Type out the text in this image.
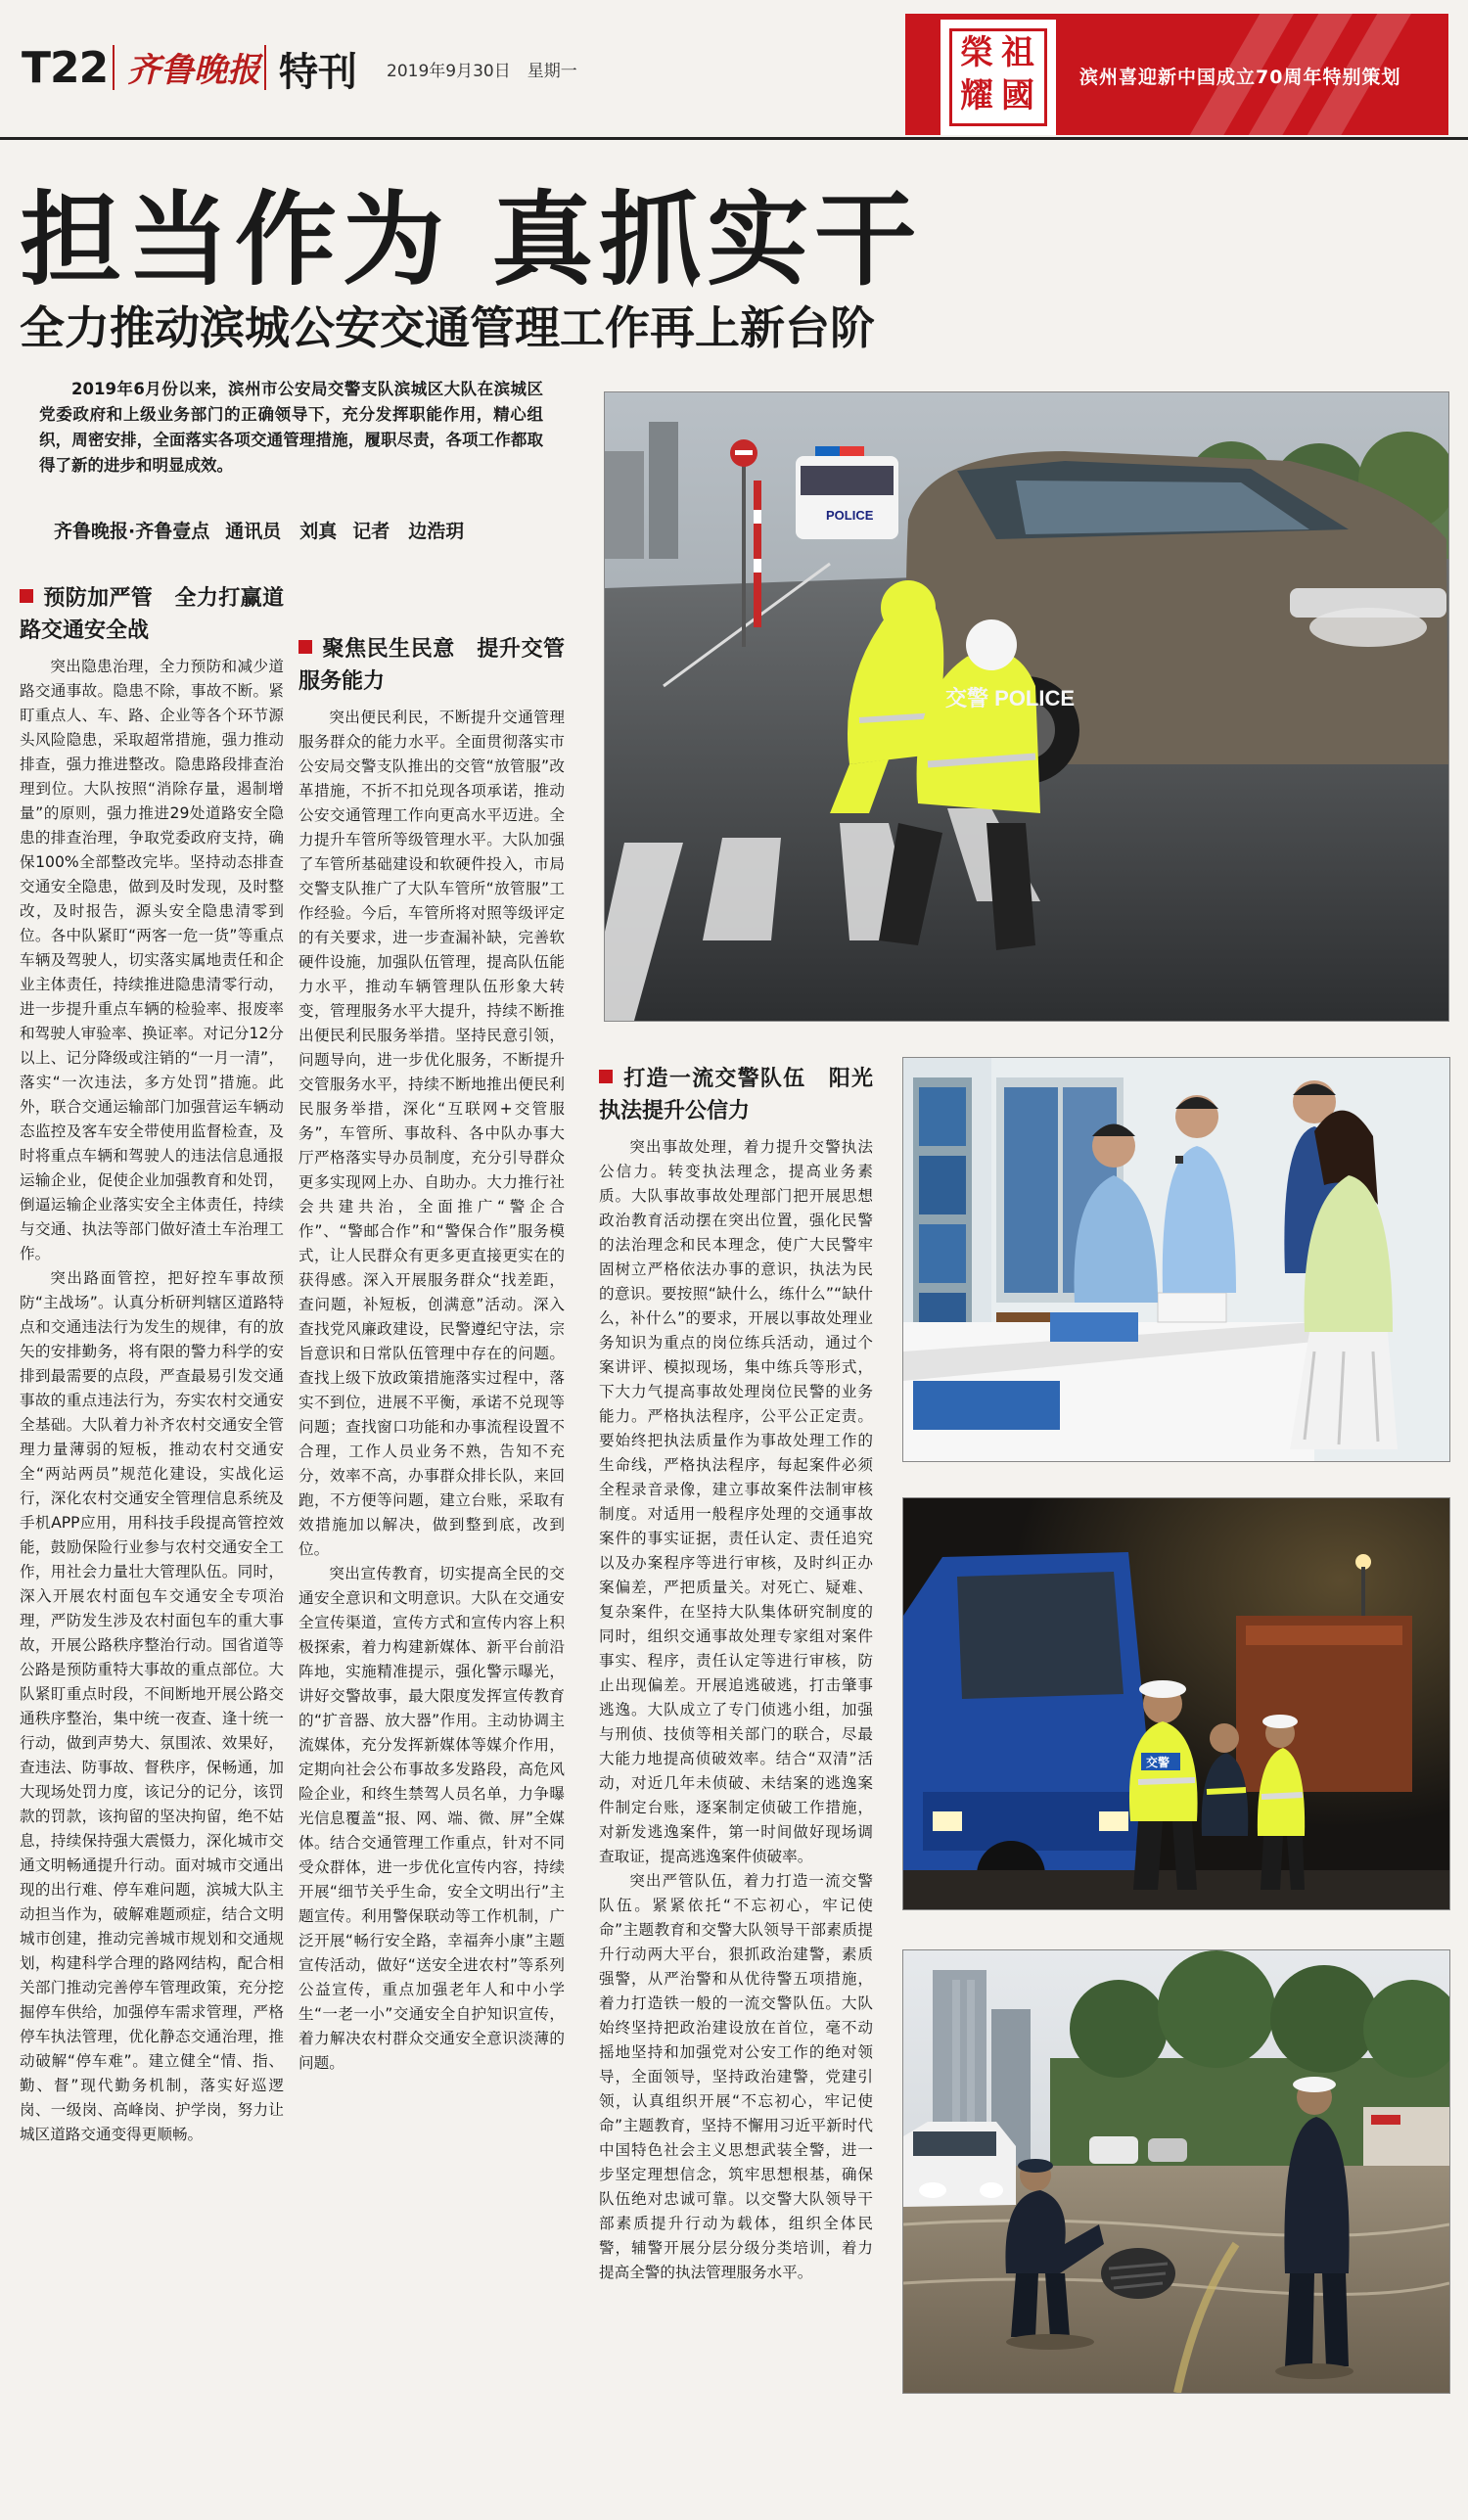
T22 齐鲁晚报 特刊 2019年9月30日　星期一	祖
國
榮
耀	滨州喜迎新中国成立70周年特别策划
担当作为 真抓实干
全力推动滨城公安交通管理工作再上新台阶
2019年6月份以来，滨州市公安局交警支队滨城区大队在滨城区党委政府和上级业务部门的正确领导下，充分发挥职能作用，精心组织，周密安排，全面落实各项交通管理措施，履职尽责，各项工作都取得了新的进步和明显成效。
齐鲁晚报·齐鲁壹点 通讯员　刘真 记者　边浩玥
预防加严管　全力打赢道路交通安全战

突出隐患治理，全力预防和减少道路交通事故。隐患不除，事故不断。紧盯重点人、车、路、企业等各个环节源头风险隐患，采取超常措施，强力推动排查，强力推进整改。隐患路段排查治理到位。大队按照“消除存量，遏制增量”的原则，强力推进29处道路安全隐患的排查治理，争取党委政府支持，确保100%全部整改完毕。坚持动态排查交通安全隐患，做到及时发现，及时整改，及时报告，源头安全隐患清零到位。各中队紧盯“两客一危一货”等重点车辆及驾驶人，切实落实属地责任和企业主体责任，持续推进隐患清零行动，进一步提升重点车辆的检验率、报废率和驾驶人审验率、换证率。对记分12分以上、记分降级或注销的“一月一清”，落实“一次违法，多方处罚”措施。此外，联合交通运输部门加强营运车辆动态监控及客车安全带使用监督检查，及时将重点车辆和驾驶人的违法信息通报运输企业，促使企业加强教育和处罚，倒逼运输企业落实安全主体责任，持续与交通、执法等部门做好渣土车治理工作。

突出路面管控，把好控车事故预防“主战场”。认真分析研判辖区道路特点和交通违法行为发生的规律，有的放矢的安排勤务，将有限的警力科学的安排到最需要的点段，严查最易引发交通事故的重点违法行为，夯实农村交通安全基础。大队着力补齐农村交通安全管理力量薄弱的短板，推动农村交通安全“两站两员”规范化建设，实战化运行，深化农村交通安全管理信息系统及手机APP应用，用科技手段提高管控效能，鼓励保险行业参与农村交通安全工作，用社会力量壮大管理队伍。同时，深入开展农村面包车交通安全专项治理，严防发生涉及农村面包车的重大事故，开展公路秩序整治行动。国省道等公路是预防重特大事故的重点部位。大队紧盯重点时段，不间断地开展公路交通秩序整治，集中统一夜查、逢十统一行动，做到声势大、氛围浓、效果好，查违法、防事故、督秩序，保畅通，加大现场处罚力度，该记分的记分，该罚款的罚款，该拘留的坚决拘留，绝不姑息，持续保持强大震慑力，深化城市交通文明畅通提升行动。面对城市交通出现的出行难、停车难问题，滨城大队主动担当作为，破解难题顽症，结合文明城市创建，推动完善城市规划和交通规划，构建科学合理的路网结构，配合相关部门推动完善停车管理政策，充分挖掘停车供给，加强停车需求管理，严格停车执法管理，优化静态交通治理，推动破解“停车难”。建立健全“情、指、勤、督”现代勤务机制，落实好巡逻岗、一级岗、高峰岗、护学岗，努力让城区道路交通变得更顺畅。

聚焦民生民意　提升交管服务能力

突出便民利民，不断提升交通管理服务群众的能力水平。全面贯彻落实市公安局交警支队推出的交管“放管服”改革措施，不折不扣兑现各项承诺，推动公安交通管理工作向更高水平迈进。全力提升车管所等级管理水平。大队加强了车管所基础建设和软硬件投入，市局交警支队推广了大队车管所“放管服”工作经验。今后，车管所将对照等级评定的有关要求，进一步查漏补缺，完善软硬件设施，加强队伍管理，提高队伍能力水平，推动车辆管理队伍形象大转变，管理服务水平大提升，持续不断推出便民利民服务举措。坚持民意引领，问题导向，进一步优化服务，不断提升交管服务水平，持续不断地推出便民利民服务举措，深化“互联网+交管服务”，车管所、事故科、各中队办事大厅严格落实导办员制度，充分引导群众更多实现网上办、自助办。大力推行社会共建共治，全面推广“警企合作”、“警邮合作”和“警保合作”服务模式，让人民群众有更多更直接更实在的获得感。深入开展服务群众“找差距，查问题，补短板，创满意”活动。深入查找党风廉政建设，民警遵纪守法，宗旨意识和日常队伍管理中存在的问题。查找上级下放政策措施落实过程中，落实不到位，进展不平衡，承诺不兑现等问题；查找窗口功能和办事流程设置不合理，工作人员业务不熟，告知不充分，效率不高，办事群众排长队，来回跑，不方便等问题，建立台账，采取有效措施加以解决，做到整到底，改到位。

突出宣传教育，切实提高全民的交通安全意识和文明意识。大队在交通安全宣传渠道，宣传方式和宣传内容上积极探索，着力构建新媒体、新平台前沿阵地，实施精准提示，强化警示曝光，讲好交警故事，最大限度发挥宣传教育的“扩音器、放大器”作用。主动协调主流媒体，充分发挥新媒体等媒介作用，定期向社会公布事故多发路段，高危风险企业，和终生禁驾人员名单，力争曝光信息覆盖“报、网、端、微、屏”全媒体。结合交通管理工作重点，针对不同受众群体，进一步优化宣传内容，持续开展“细节关乎生命，安全文明出行”主题宣传。利用警保联动等工作机制，广泛开展“畅行安全路，幸福奔小康”主题宣传活动，做好“送安全进农村”等系列公益宣传，重点加强老年人和中小学生“一老一小”交通安全自护知识宣传，着力解决农村群众交通安全意识淡薄的问题。

打造一流交警队伍　阳光执法提升公信力

突出事故处理，着力提升交警执法公信力。转变执法理念，提高业务素质。大队事故事故处理部门把开展思想政治教育活动摆在突出位置，强化民警的法治理念和民本理念，使广大民警牢固树立严格依法办事的意识，执法为民的意识。要按照“缺什么，练什么”“缺什么，补什么”的要求，开展以事故处理业务知识为重点的岗位练兵活动，通过个案讲评、模拟现场，集中练兵等形式，下大力气提高事故处理岗位民警的业务能力。严格执法程序，公平公正定责。要始终把执法质量作为事故处理工作的生命线，严格执法程序，每起案件必须全程录音录像，建立事故案件法制审核制度。对适用一般程序处理的交通事故案件的事实证据，责任认定、责任追究以及办案程序等进行审核，及时纠正办案偏差，严把质量关。对死亡、疑难、复杂案件，在坚持大队集体研究制度的同时，组织交通事故处理专家组对案件事实、程序，责任认定等进行审核，防止出现偏差。开展追逃破逃，打击肇事逃逸。大队成立了专门侦逃小组，加强与刑侦、技侦等相关部门的联合，尽最大能力地提高侦破效率。结合“双清”活动，对近几年未侦破、未结案的逃逸案件制定台账，逐案制定侦破工作措施，对新发逃逸案件，第一时间做好现场调查取证，提高逃逸案件侦破率。

突出严管队伍，着力打造一流交警队伍。紧紧依托“不忘初心，牢记使命”主题教育和交警大队领导干部素质提升行动两大平台，狠抓政治建警，素质强警，从严治警和从优待警五项措施，着力打造铁一般的一流交警队伍。大队始终坚持把政治建设放在首位，毫不动摇地坚持和加强党对公安工作的绝对领导，全面领导，坚持政治建警，党建引领，认真组织开展“不忘初心，牢记使命”主题教育，坚持不懈用习近平新时代中国特色社会主义思想武装全警，进一步坚定理想信念，筑牢思想根基，确保队伍绝对忠诚可靠。以交警大队领导干部素质提升行动为载体，组织全体民警，辅警开展分层分级分类培训，着力提高全警的执法管理服务水平。

POLICE
交警 POLICE
交警
